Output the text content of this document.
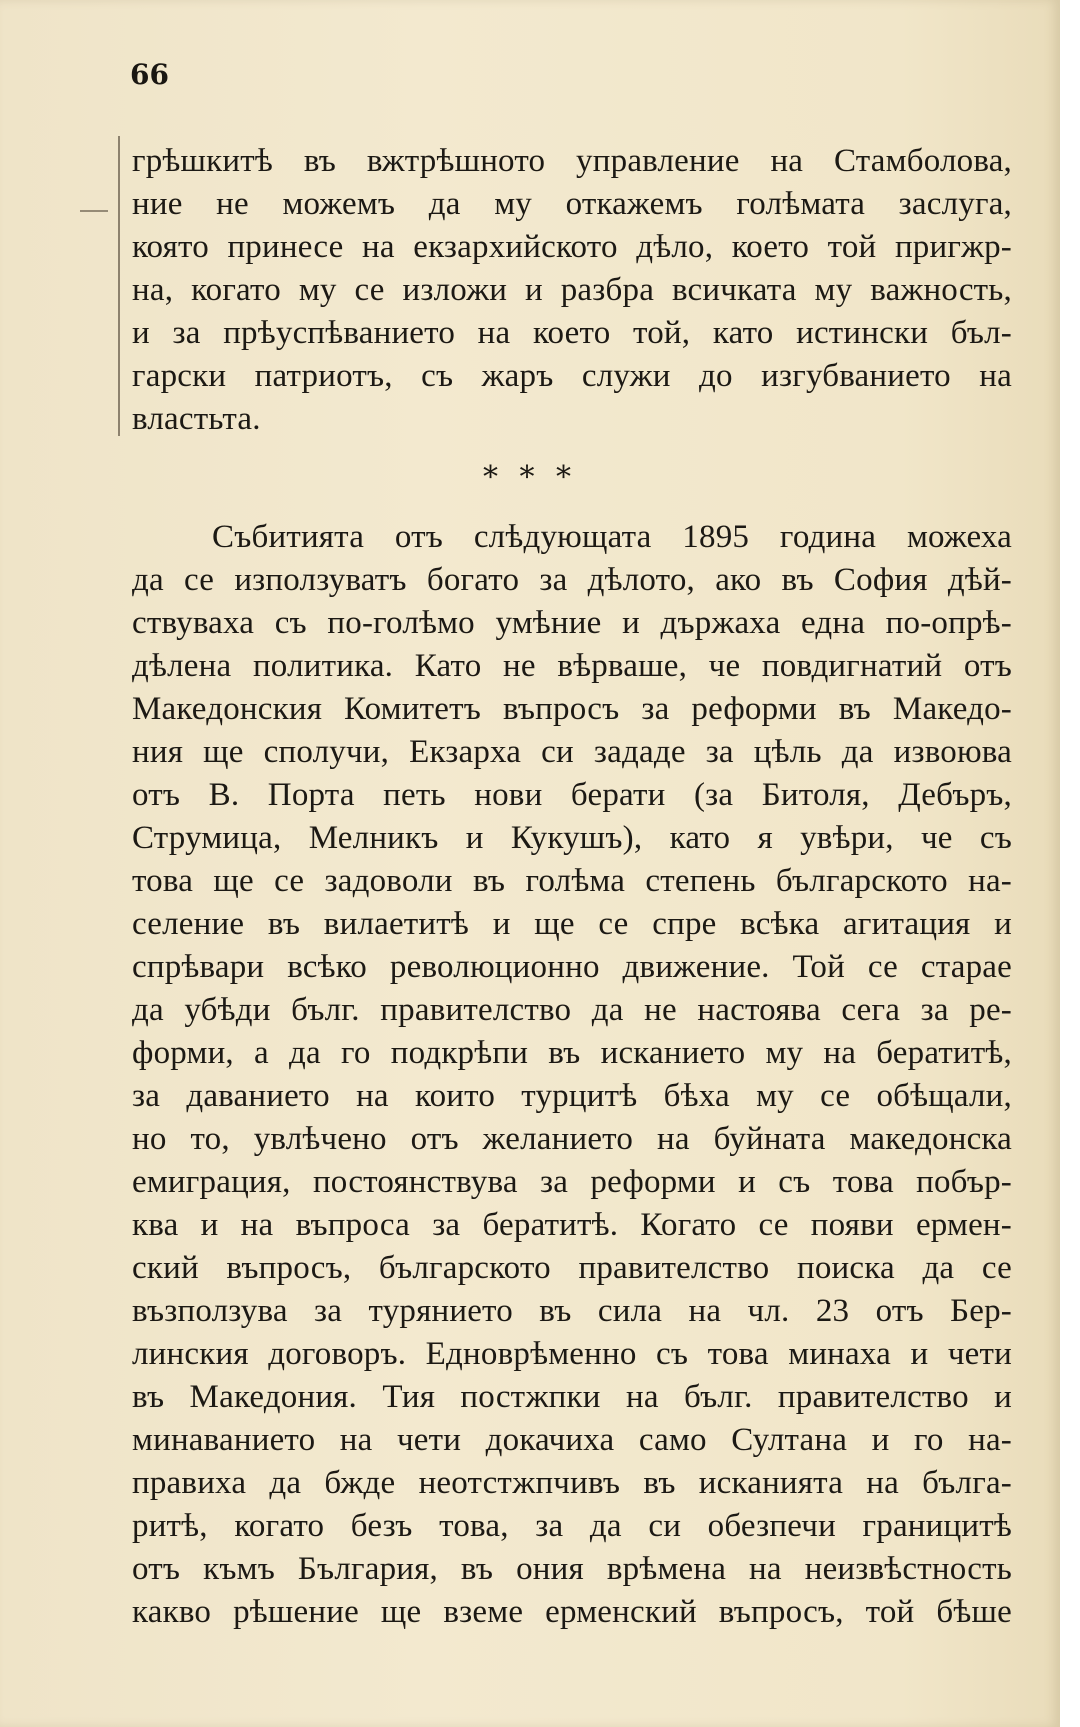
66
грѣшкитѣ въ вжтрѣшното управление на Стамболова,
ние не можемъ да му откажемъ голѣмата заслуга,
която принесе на екзархийското дѣло, което той пригжр-
на, когато му се изложи и разбра всичката му важность,
и за прѣуспѣванието на което той, като истински бъл-
гарски патриотъ, съ жаръ служи до изгубванието на
властьта.
* * *
Събитията отъ слѣдующата 1895 година можеха
да се използуватъ богато за дѣлото, ако въ София дѣй-
ствуваха съ по-голѣмо умѣние и държаха една по-опрѣ-
дѣлена политика. Като не вѣрваше, че повдигнатий отъ
Македонския Комитетъ въпросъ за реформи въ Македо-
ния ще сполучи, Екзарха си зададе за цѣль да извоюва
отъ В. Порта петь нови берати (за Битоля, Дебъръ,
Струмица, Мелникъ и Кукушъ), като я увѣри, че съ
това ще се задоволи въ голѣма степень българското на-
селение въ вилаетитѣ и ще се спре всѣка агитация и
спрѣвари всѣко революционно движение. Той се старае
да убѣди бълг. правителство да не настоява сега за ре-
форми, а да го подкрѣпи въ исканието му на бератитѣ,
за даванието на които турцитѣ бѣха му се обѣщали,
но то, увлѣчено отъ желанието на буйната македонска
емиграция, постоянствува за реформи и съ това побър-
ква и на въпроса за бератитѣ. Когато се появи ермен-
ский въпросъ, българското правителство поиска да се
възползува за турянието въ сила на чл. 23 отъ Бер-
линския договоръ. Едноврѣменно съ това минаха и чети
въ Македония. Тия постжпки на бълг. правителство и
минаванието на чети докачиха само Султана и го на-
правиха да бжде неотстжпчивъ въ исканията на бълга-
ритѣ, когато безъ това, за да си обезпечи границитѣ
отъ къмъ България, въ ония врѣмена на неизвѣстность
какво рѣшение ще вземе ерменский въпросъ, той бѣше
